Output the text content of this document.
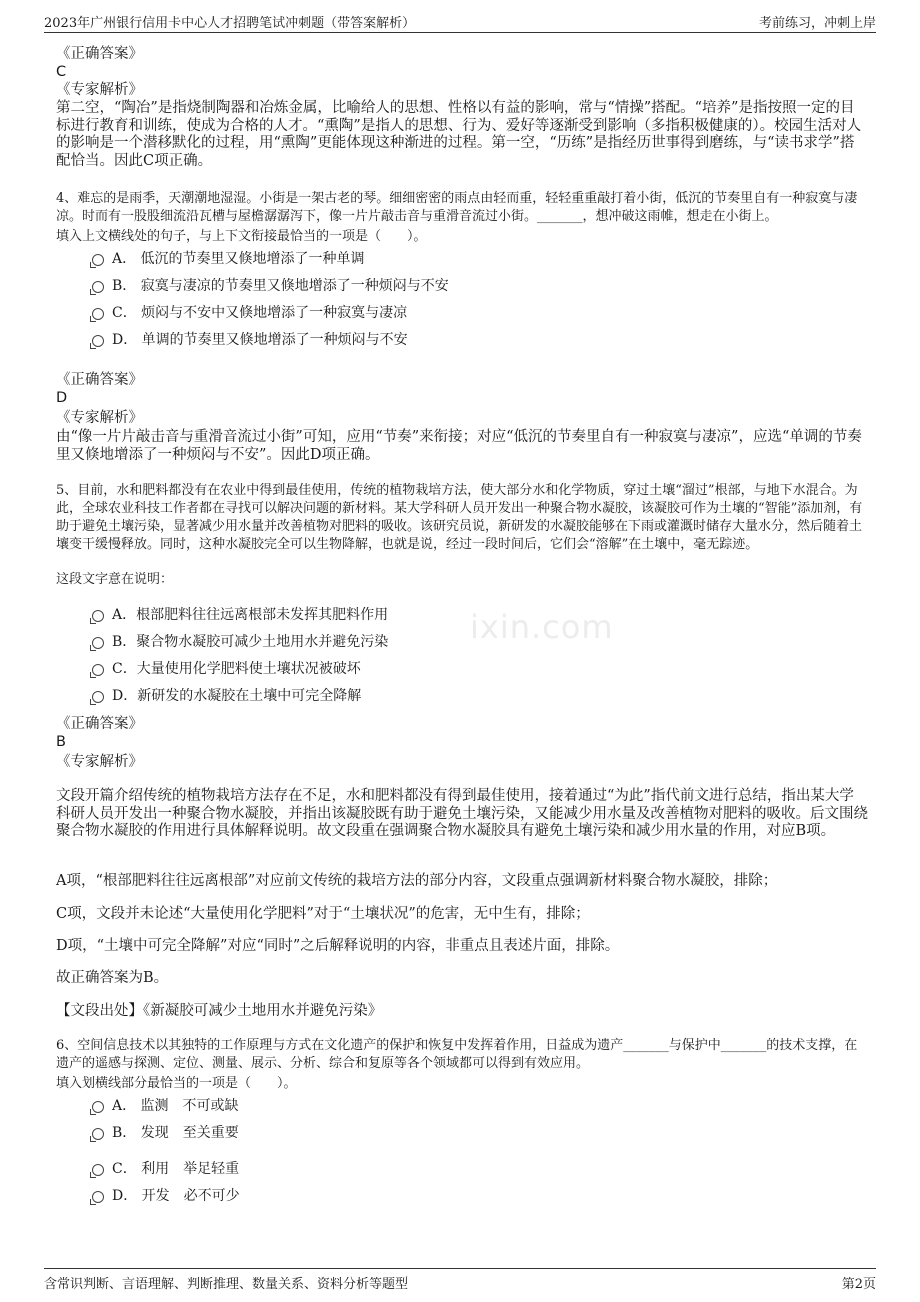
2023年广州银行信用卡中心人才招聘笔试冲刺题（带答案解析）	考前练习，冲刺上岸
ixin.com

《正确答案》

C

《专家解析》

第二空，“陶冶”是指烧制陶器和冶炼金属，比喻给人的思想、性格以有益的影响，常与“情操”搭配。“培养”是指按照一定的目标进行教育和训练，使成为合格的人才。“熏陶”是指人的思想、行为、爱好等逐渐受到影响（多指积极健康的）。校园生活对人的影响是一个潜移默化的过程，用“熏陶”更能体现这种渐进的过程。第一空，“历练”是指经历世事得到磨练，与“读书求学”搭配恰当。因此C项正确。

4、难忘的是雨季，天潮潮地湿湿。小街是一架古老的琴。细细密密的雨点由轻而重，轻轻重重敲打着小街，低沉的节奏里自有一种寂寞与凄凉。时而有一股股细流沿瓦槽与屋檐潺潺泻下，像一片片敲击音与重滑音流过小街。_______，想冲破这雨帷，想走在小街上。

填入上文横线处的句子，与上下文衔接最恰当的一项是（　　）。

A． 低沉的节奏里又倏地增添了一种单调
B． 寂寞与凄凉的节奏里又倏地增添了一种烦闷与不安
C． 烦闷与不安中又倏地增添了一种寂寞与凄凉
D． 单调的节奏里又倏地增添了一种烦闷与不安

《正确答案》

D

《专家解析》

由“像一片片敲击音与重滑音流过小街”可知，应用“节奏”来衔接；对应“低沉的节奏里自有一种寂寞与凄凉”，应选“单调的节奏里又倏地增添了一种烦闷与不安”。因此D项正确。

5、目前，水和肥料都没有在农业中得到最佳使用，传统的植物栽培方法，使大部分水和化学物质，穿过土壤“溜过”根部，与地下水混合。为此，全球农业科技工作者都在寻找可以解决问题的新材料。某大学科研人员开发出一种聚合物水凝胶，该凝胶可作为土壤的“智能”添加剂，有助于避免土壤污染，显著减少用水量并改善植物对肥料的吸收。该研究员说，新研发的水凝胶能够在下雨或灌溉时储存大量水分，然后随着土壤变干缓慢释放。同时，这种水凝胶完全可以生物降解，也就是说，经过一段时间后，它们会“溶解”在土壤中，毫无踪迹。

这段文字意在说明：

A．根部肥料往往远离根部未发挥其肥料作用
B．聚合物水凝胶可减少土地用水并避免污染
C．大量使用化学肥料使土壤状况被破坏
D．新研发的水凝胶在土壤中可完全降解

《正确答案》

B

《专家解析》

文段开篇介绍传统的植物栽培方法存在不足，水和肥料都没有得到最佳使用，接着通过“为此”指代前文进行总结，指出某大学科研人员开发出一种聚合物水凝胶，并指出该凝胶既有助于避免土壤污染，又能减少用水量及改善植物对肥料的吸收。后文围绕聚合物水凝胶的作用进行具体解释说明。故文段重在强调聚合物水凝胶具有避免土壤污染和减少用水量的作用，对应B项。

A项，“根部肥料往往远离根部”对应前文传统的栽培方法的部分内容，文段重点强调新材料聚合物水凝胶，排除；

C项，文段并未论述“大量使用化学肥料”对于“土壤状况”的危害，无中生有，排除；

D项，“土壤中可完全降解”对应“同时”之后解释说明的内容，非重点且表述片面，排除。

故正确答案为B。

【文段出处】《新凝胶可减少土地用水并避免污染》

6、空间信息技术以其独特的工作原理与方式在文化遗产的保护和恢复中发挥着作用，日益成为遗产_______与保护中_______的技术支撑，在遗产的遥感与探测、定位、测量、展示、分析、综合和复原等各个领域都可以得到有效应用。

填入划横线部分最恰当的一项是（　　）。

A． 监测　不可或缺
B． 发现　至关重要
C． 利用　举足轻重
D． 开发　必不可少
含常识判断、言语理解、判断推理、数量关系、资料分析等题型	第2页
